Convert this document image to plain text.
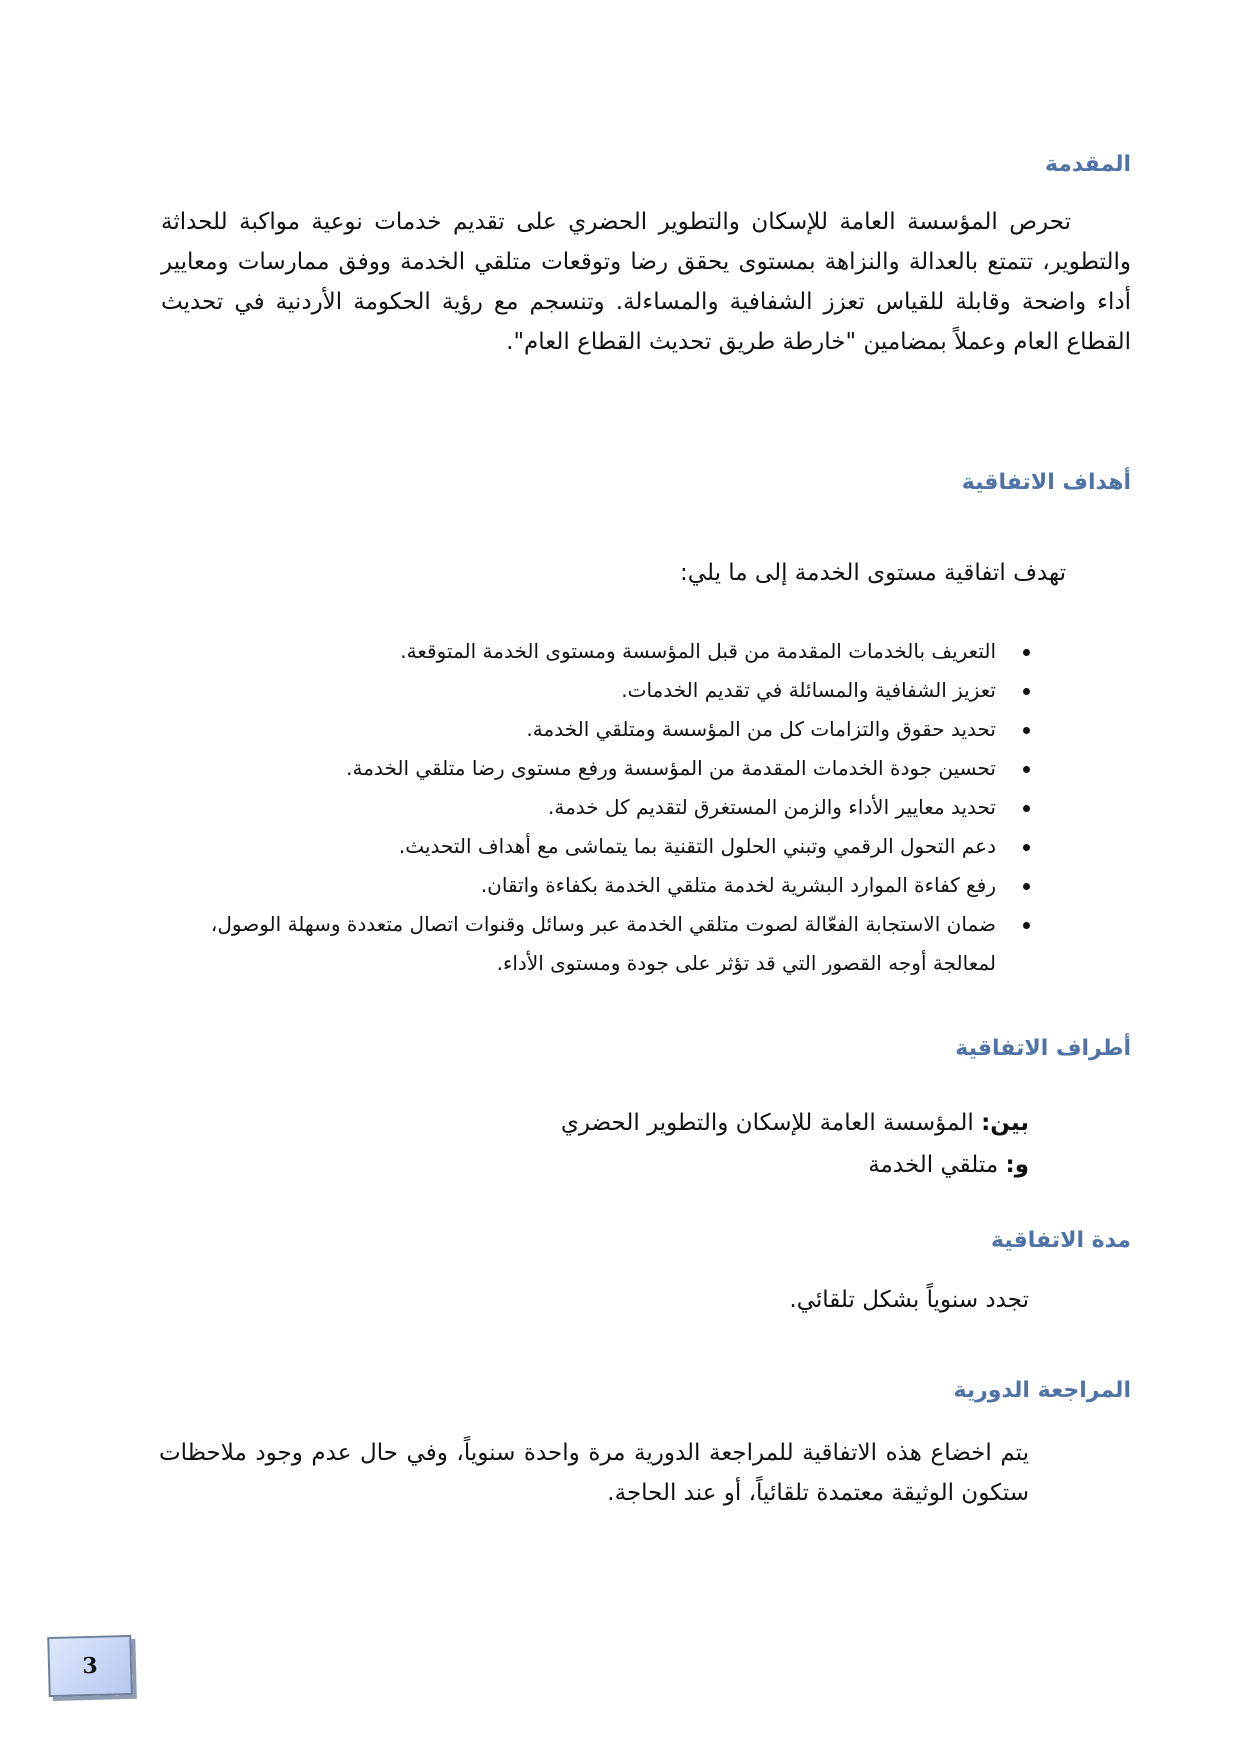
المقدمة
تحرص المؤسسة العامة للإسكان والتطوير الحضري على تقديم خدمات نوعية مواكبة للحداثة والتطوير، تتمتع بالعدالة والنزاهة بمستوى يحقق رضا وتوقعات متلقي الخدمة ووفق ممارسات ومعايير أداء واضحة وقابلة للقياس تعزز الشفافية والمساءلة. وتنسجم مع رؤية الحكومة الأردنية في تحديث القطاع العام وعملاً بمضامين "خارطة طريق تحديث القطاع العام".
أهداف الاتفاقية

تهدف اتفاقية مستوى الخدمة إلى ما يلي:

التعريف بالخدمات المقدمة من قبل المؤسسة ومستوى الخدمة المتوقعة.
تعزيز الشفافية والمسائلة في تقديم الخدمات.
تحديد حقوق والتزامات كل من المؤسسة ومتلقي الخدمة.
تحسين جودة الخدمات المقدمة من المؤسسة ورفع مستوى رضا متلقي الخدمة.
تحديد معايير الأداء والزمن المستغرق لتقديم كل خدمة.
دعم التحول الرقمي وتبني الحلول التقنية بما يتماشى مع أهداف التحديث.
رفع كفاءة الموارد البشرية لخدمة متلقي الخدمة بكفاءة واتقان.
ضمان الاستجابة الفعّالة لصوت متلقي الخدمة عبر وسائل وقنوات اتصال متعددة وسهلة الوصول، لمعالجة أوجه القصور التي قد تؤثر على جودة ومستوى الأداء.
أطراف الاتفاقية
بين: المؤسسة العامة للإسكان والتطوير الحضري
و: متلقي الخدمة
مدة الاتفاقية

تجدد سنوياً بشكل تلقائي.

المراجعة الدورية

يتم اخضاع هذه الاتفاقية للمراجعة الدورية مرة واحدة سنوياً، وفي حال عدم وجود ملاحظات ستكون الوثيقة معتمدة تلقائياً، أو عند الحاجة.

3
